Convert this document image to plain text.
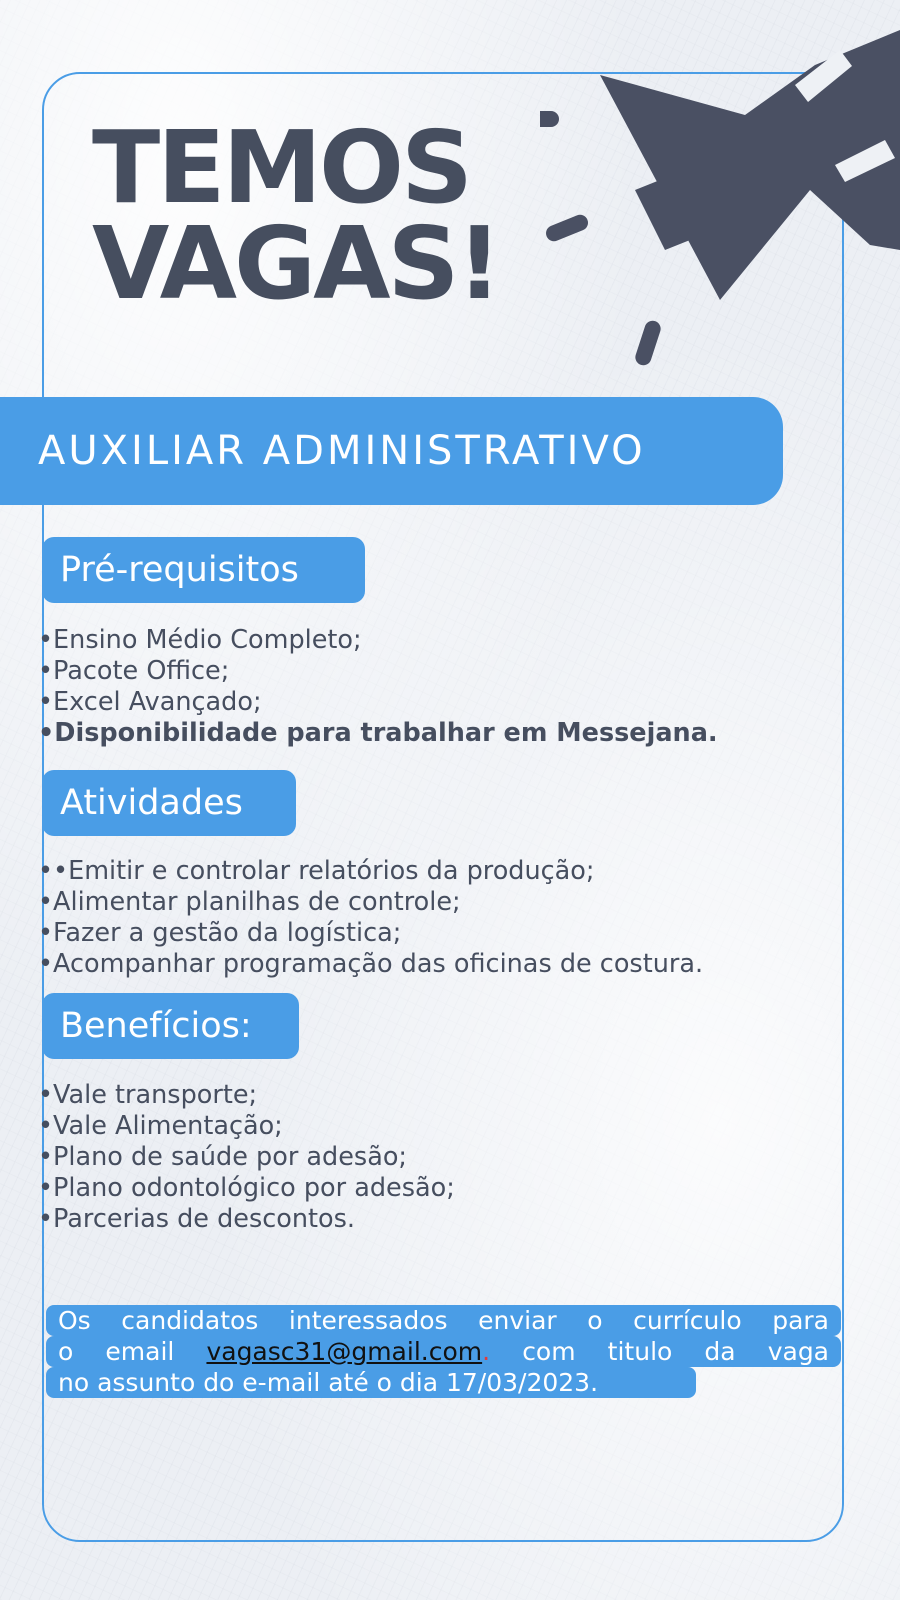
TEMOS
VAGAS!
AUXILIAR ADMINISTRATIVO
Pré-requisitos
•Ensino Médio Completo;
•Pacote Office;
•Excel Avançado;
•Disponibilidade para trabalhar em Messejana.
Atividades
••Emitir e controlar relatórios da produção;
•Alimentar planilhas de controle;
•Fazer a gestão da logística;
•Acompanhar programação das oficinas de costura.
Benefícios:
•Vale transporte;
•Vale Alimentação;
•Plano de saúde por adesão;
•Plano odontológico por adesão;
•Parcerias de descontos.
Os candidatos interessados enviar o currículo para
o email vagasc31@gmail.com. com titulo da vaga
no assunto do e-mail até o dia 17/03/2023.
